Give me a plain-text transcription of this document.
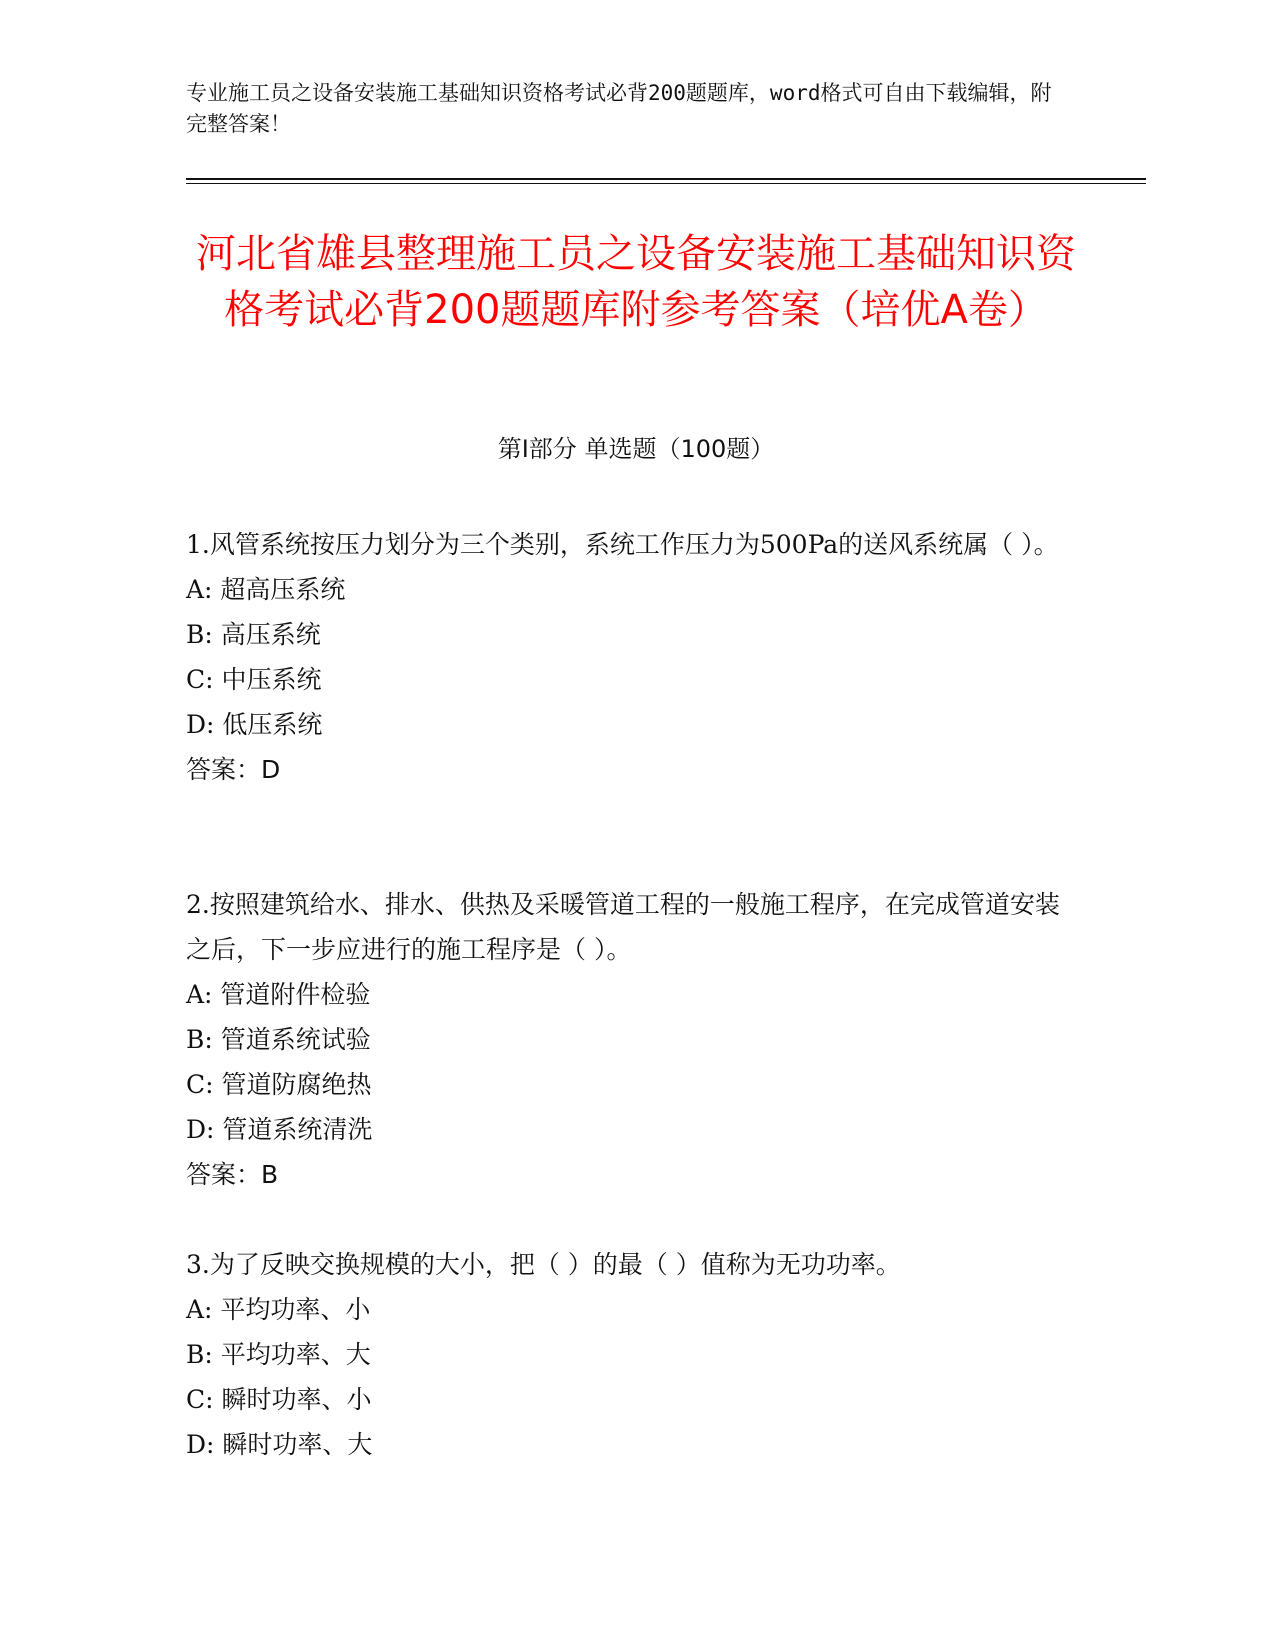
专业施工员之设备安装施工基础知识资格考试必背200题题库，word格式可自由下载编辑，附完整答案！
河北省雄县整理施工员之设备安装施工基础知识资格考试必背200题题库附参考答案（培优A卷）
第I部分 单选题（100题）
1.风管系统按压力划分为三个类别，系统工作压力为500Pa的送风系统属（ ）。
A: 超高压系统
B: 高压系统
C: 中压系统
D: 低压系统
答案：D
2.按照建筑给水、排水、供热及采暖管道工程的一般施工程序，在完成管道安装之后，下一步应进行的施工程序是（ ）。
A: 管道附件检验
B: 管道系统试验
C: 管道防腐绝热
D: 管道系统清洗
答案：B
3.为了反映交换规模的大小，把（ ）的最（ ）值称为无功功率。
A: 平均功率、小
B: 平均功率、大
C: 瞬时功率、小
D: 瞬时功率、大
